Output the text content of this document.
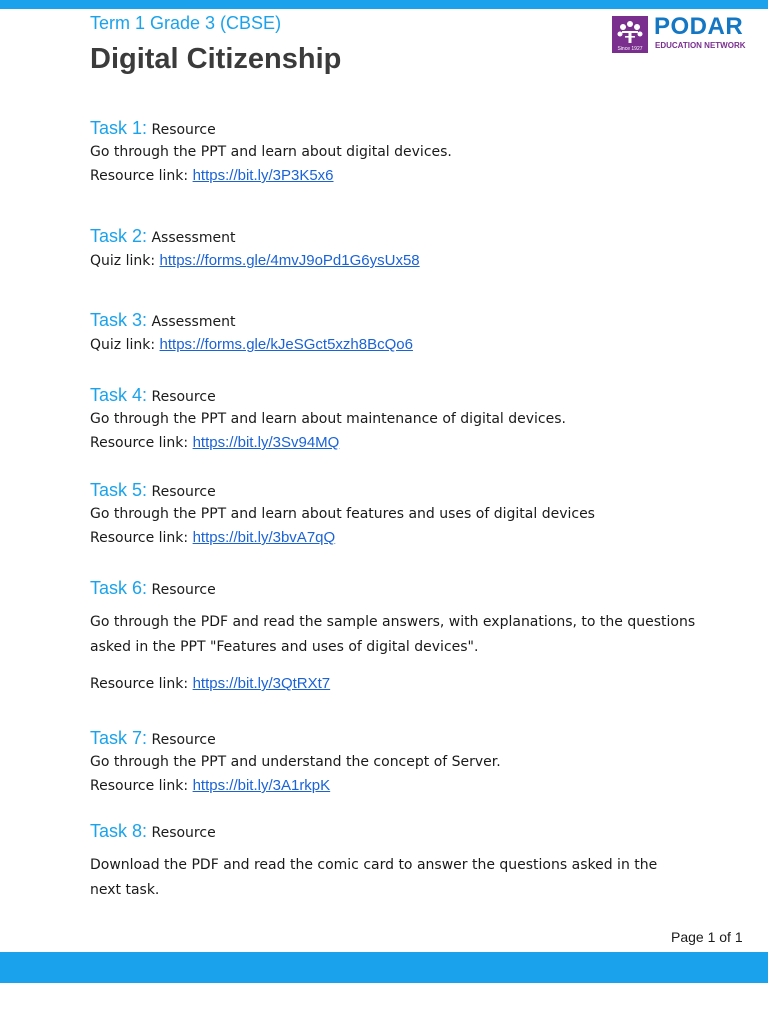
Term 1 Grade 3 (CBSE)
Digital Citizenship	Since 1927
PODAR
EDUCATION NETWORK
Task 1: Resource
Go through the PPT and learn about digital devices.
Resource link: https://bit.ly/3P3K5x6
Task 2: Assessment
Quiz link: https://forms.gle/4mvJ9oPd1G6ysUx58
Task 3: Assessment
Quiz link: https://forms.gle/kJeSGct5xzh8BcQo6
Task 4: Resource
Go through the PPT and learn about maintenance of digital devices.
Resource link: https://bit.ly/3Sv94MQ
Task 5: Resource
Go through the PPT and learn about features and uses of digital devices
Resource link: https://bit.ly/3bvA7qQ
Task 6: Resource
Go through the PDF and read the sample answers, with explanations, to the questions asked in the PPT "Features and uses of digital devices".
Resource link: https://bit.ly/3QtRXt7
Task 7: Resource
Go through the PPT and understand the concept of Server.
Resource link: https://bit.ly/3A1rkpK
Task 8: Resource
Download the PDF and read the comic card to answer the questions asked in the next task.
Page 1 of 1
